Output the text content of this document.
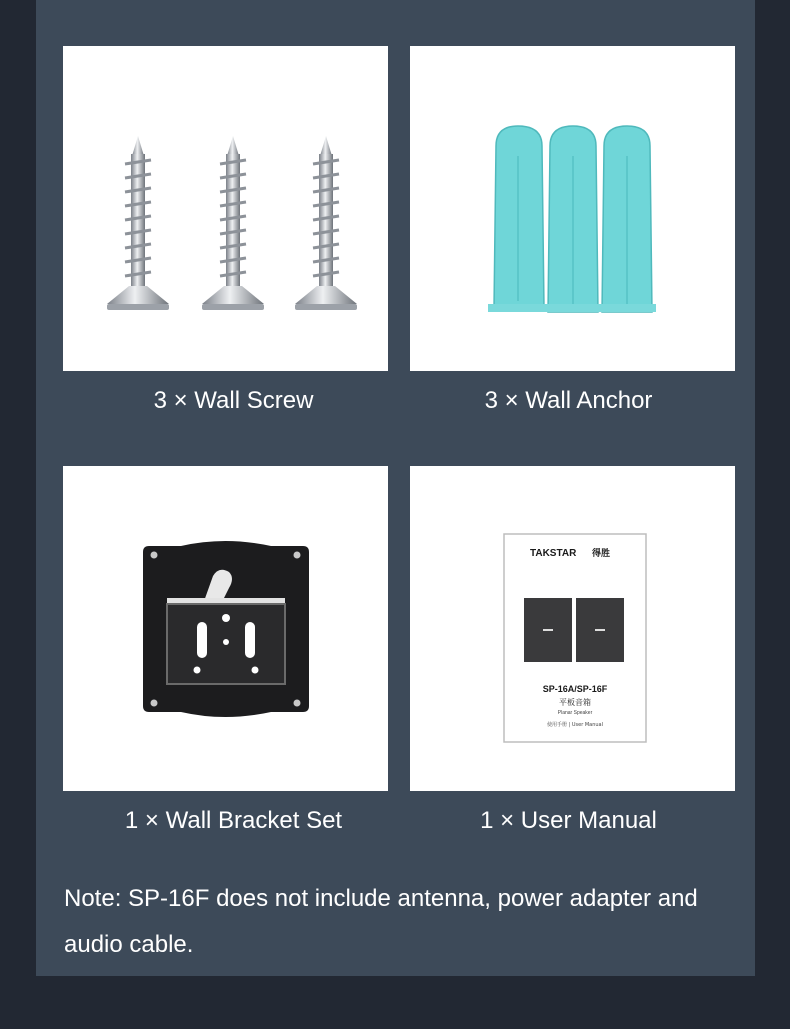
3 × Wall Screw	3 × Wall Anchor
1 × Wall Bracket Set
TAKSTAR 得胜
SP-16A/SP-16F
平板音箱
Planar Speaker
使用手册 | User Manual
1 × User Manual
Note: SP-16F does not include antenna, power adapter and audio cable.
